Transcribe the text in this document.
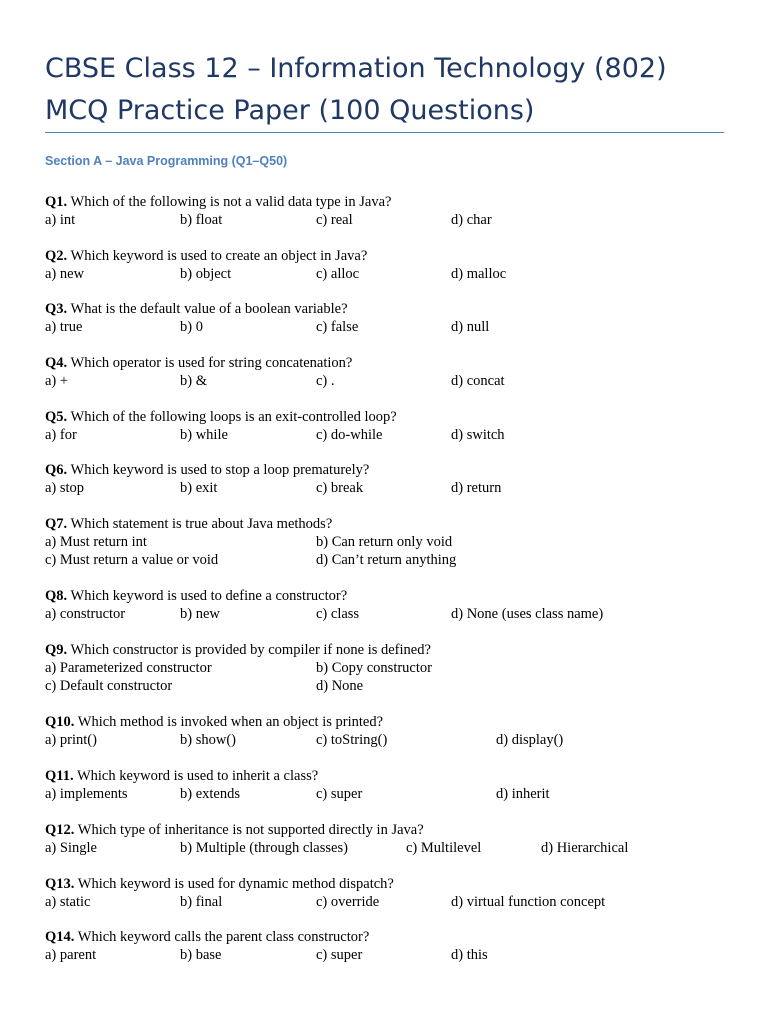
CBSE Class 12 – Information Technology (802)
MCQ Practice Paper (100 Questions)
Section A – Java Programming (Q1–Q50)
Q1. Which of the following is not a valid data type in Java?
a) int	b) float	c) real	d) char
Q2. Which keyword is used to create an object in Java?
a) new	b) object	c) alloc	d) malloc
Q3. What is the default value of a boolean variable?
a) true	b) 0	c) false	d) null
Q4. Which operator is used for string concatenation?
a) +	b) &	c) .	d) concat
Q5. Which of the following loops is an exit-controlled loop?
a) for	b) while	c) do-while	d) switch
Q6. Which keyword is used to stop a loop prematurely?
a) stop	b) exit	c) break	d) return
Q7. Which statement is true about Java methods?
a) Must return int	b) Can return only void
c) Must return a value or void	d) Can’t return anything
Q8. Which keyword is used to define a constructor?
a) constructor	b) new	c) class	d) None (uses class name)
Q9. Which constructor is provided by compiler if none is defined?
a) Parameterized constructor	b) Copy constructor
c) Default constructor	d) None
Q10. Which method is invoked when an object is printed?
a) print()	b) show()	c) toString()	d) display()
Q11. Which keyword is used to inherit a class?
a) implements	b) extends	c) super	d) inherit
Q12. Which type of inheritance is not supported directly in Java?
a) Single	b) Multiple (through classes)	c) Multilevel	d) Hierarchical
Q13. Which keyword is used for dynamic method dispatch?
a) static	b) final	c) override	d) virtual function concept
Q14. Which keyword calls the parent class constructor?
a) parent	b) base	c) super	d) this
